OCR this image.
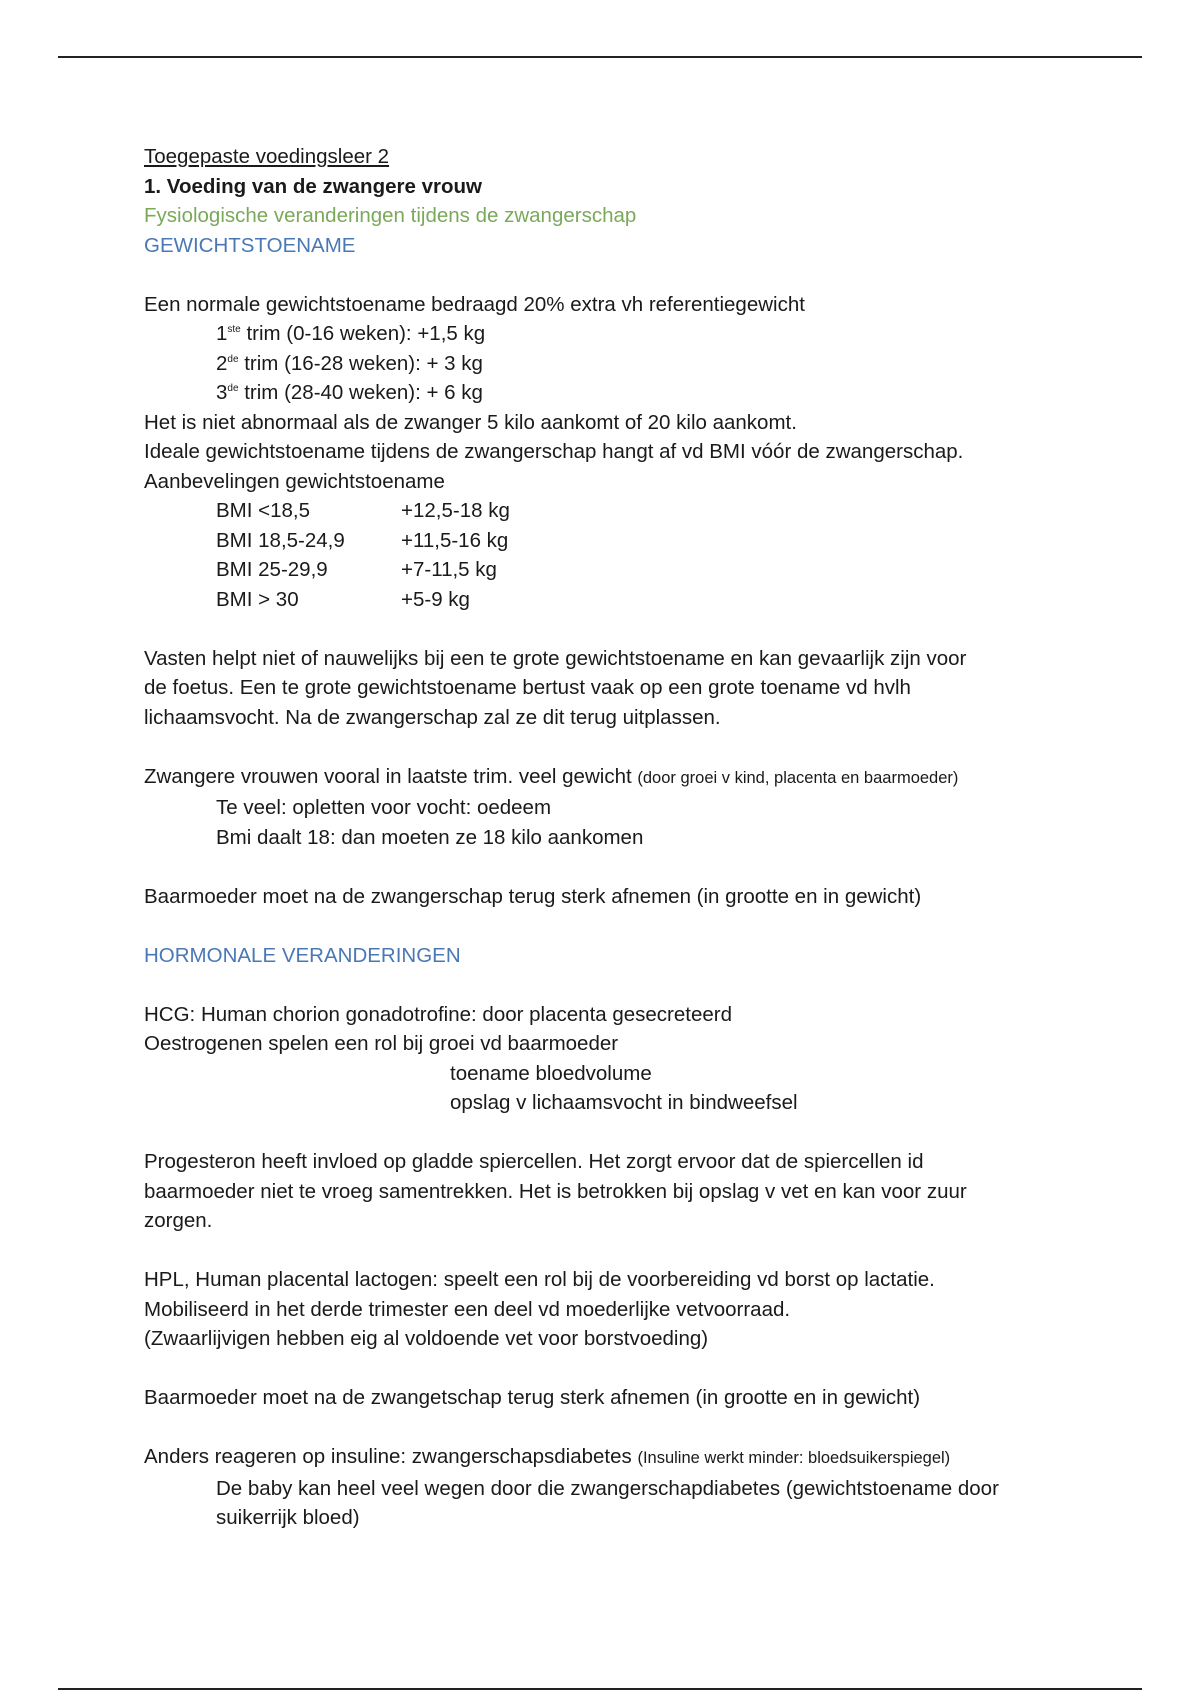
Toegepaste voedingsleer 2
1. Voeding van de zwangere vrouw
Fysiologische veranderingen tijdens de zwangerschap
GEWICHTSTOENAME
Een normale gewichtstoename bedraagd 20% extra vh referentiegewicht
1ste trim (0-16 weken): +1,5 kg
2de trim (16-28 weken): + 3 kg
3de trim (28-40 weken): + 6 kg
Het is niet abnormaal als de zwanger 5 kilo aankomt of 20 kilo aankomt.
Ideale gewichtstoename tijdens de zwangerschap hangt af vd BMI vóór de zwangerschap.
Aanbevelingen gewichtstoename
BMI <18,5	+12,5-18 kg
BMI 18,5-24,9	+11,5-16 kg
BMI 25-29,9	+7-11,5 kg
BMI > 30	+5-9 kg
Vasten helpt niet of nauwelijks bij een te grote gewichtstoename en kan gevaarlijk zijn voor
de foetus. Een te grote gewichtstoename bertust vaak op een grote toename vd hvlh
lichaamsvocht. Na de zwangerschap zal ze dit terug uitplassen.
Zwangere vrouwen vooral in laatste trim. veel gewicht (door groei v kind, placenta en baarmoeder)
Te veel: opletten voor vocht: oedeem
Bmi daalt 18: dan moeten ze 18 kilo aankomen
Baarmoeder moet na de zwangerschap terug sterk afnemen (in grootte en in gewicht)
HORMONALE VERANDERINGEN
HCG: Human chorion gonadotrofine: door placenta gesecreteerd
Oestrogenen spelen een rol bij groei vd baarmoeder
toename bloedvolume
opslag v lichaamsvocht in bindweefsel
Progesteron heeft invloed op gladde spiercellen. Het zorgt ervoor dat de spiercellen id
baarmoeder niet te vroeg samentrekken. Het is betrokken bij opslag v vet en kan voor zuur
zorgen.
HPL, Human placental lactogen: speelt een rol bij de voorbereiding vd borst op lactatie.
Mobiliseerd in het derde trimester een deel vd moederlijke vetvoorraad.
(Zwaarlijvigen hebben eig al voldoende vet voor borstvoeding)
Baarmoeder moet na de zwangetschap terug sterk afnemen (in grootte en in gewicht)
Anders reageren op insuline: zwangerschapsdiabetes (Insuline werkt minder: bloedsuikerspiegel)
De baby kan heel veel wegen door die zwangerschapdiabetes (gewichtstoename door
suikerrijk bloed)
